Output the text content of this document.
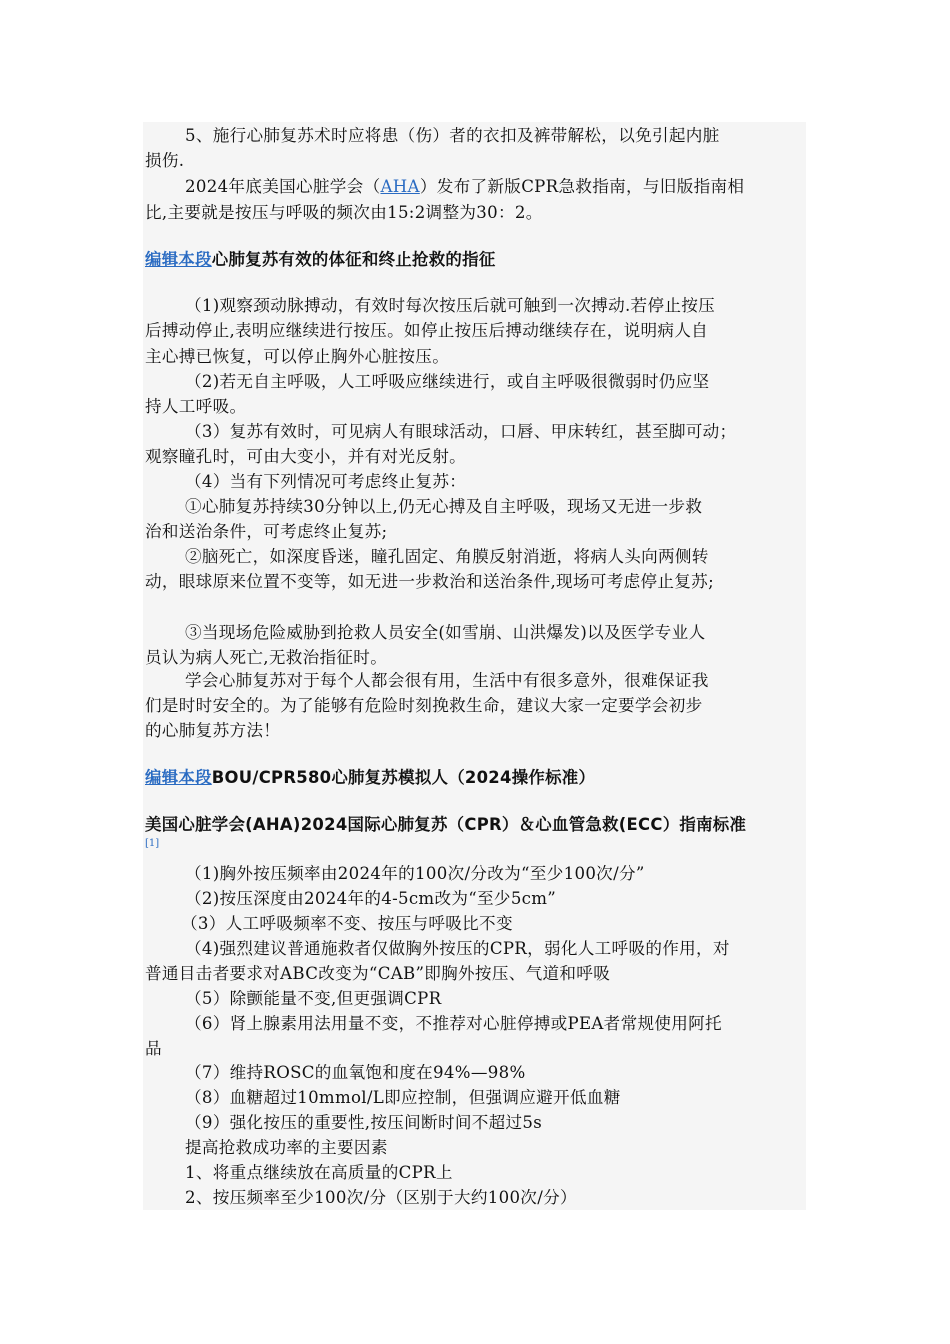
5、施行心肺复苏术时应将患（伤）者的衣扣及裤带解松，以免引起内脏
损伤.
2024年底美国心脏学会（AHA）发布了新版CPR急救指南，与旧版指南相
比,主要就是按压与呼吸的频次由15:2调整为30：2。
编辑本段心肺复苏有效的体征和终止抢救的指征
（1)观察颈动脉搏动，有效时每次按压后就可触到一次搏动.若停止按压
后搏动停止,表明应继续进行按压。如停止按压后搏动继续存在，说明病人自
主心搏已恢复，可以停止胸外心脏按压。
（2)若无自主呼吸，人工呼吸应继续进行，或自主呼吸很微弱时仍应坚
持人工呼吸。
（3）复苏有效时，可见病人有眼球活动，口唇、甲床转红，甚至脚可动；
观察瞳孔时，可由大变小，并有对光反射。
（4）当有下列情况可考虑终止复苏：
①心肺复苏持续30分钟以上,仍无心搏及自主呼吸，现场又无进一步救
治和送治条件，可考虑终止复苏;
②脑死亡，如深度昏迷，瞳孔固定、角膜反射消逝，将病人头向两侧转
动，眼球原来位置不变等，如无进一步救治和送治条件,现场可考虑停止复苏;
③当现场危险威胁到抢救人员安全(如雪崩、山洪爆发)以及医学专业人
员认为病人死亡,无救治指征时。
学会心肺复苏对于每个人都会很有用，生活中有很多意外，很难保证我
们是时时安全的。为了能够有危险时刻挽救生命，建议大家一定要学会初步
的心肺复苏方法！
编辑本段BOU/CPR580心肺复苏模拟人（2024操作标准）
美国心脏学会(AHA)2024国际心肺复苏（CPR）＆心血管急救(ECC）指南标准
[1]
（1)胸外按压频率由2024年的100次/分改为“至少100次/分”
（2)按压深度由2024年的4-5cm改为“至少5cm”
（3）人工呼吸频率不变、按压与呼吸比不变
（4)强烈建议普通施救者仅做胸外按压的CPR，弱化人工呼吸的作用，对
普通目击者要求对ABC改变为“CAB”即胸外按压、气道和呼吸
（5）除颤能量不变,但更强调CPR
（6）肾上腺素用法用量不变，不推荐对心脏停搏或PEA者常规使用阿托
品
（7）维持ROSC的血氧饱和度在94%—98%
（8）血糖超过10mmol/L即应控制，但强调应避开低血糖
（9）强化按压的重要性,按压间断时间不超过5s
提高抢救成功率的主要因素
1、将重点继续放在高质量的CPR上
2、按压频率至少100次/分（区别于大约100次/分）
